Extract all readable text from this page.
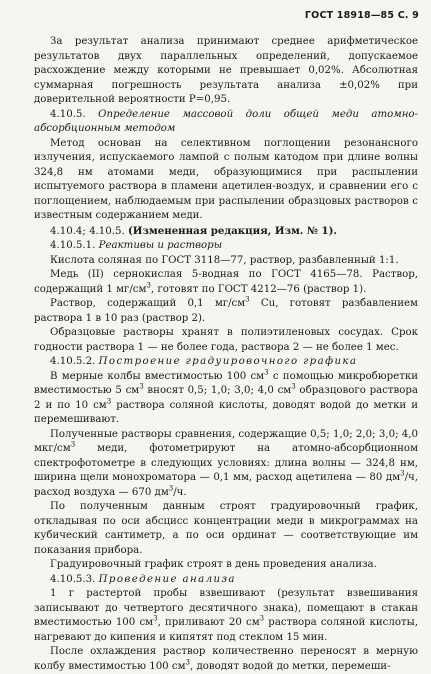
ГОСТ 18918—85 С. 9

За результат анализа принимают среднее арифметическое результатов двух параллельных определений, допускаемое расхождение между которыми не превышает 0,02%. Абсолютная суммарная погрешность результата анализа ±0,02% при доверительной вероятности P=0,95.

4.10.5. Определение массовой доли общей меди атомно-абсорбционным методом

Метод основан на селективном поглощении резонансного излучения, испускаемого лампой с полым катодом при длине волны 324,8 нм атомами меди, образующимися при распылении испытуемого раствора в пламени ацетилен-воздух, и сравнении его с поглощением, наблюдаемым при распылении образцовых растворов с известным содержанием меди.

4.10.4; 4.10.5. (Измененная редакция, Изм. № 1).

4.10.5.1. Реактивы и растворы

Кислота соляная по ГОСТ 3118—77, раствор, разбавленный 1:1.

Медь (II) сернокислая 5-водная по ГОСТ 4165—78. Раствор, содержащий 1 $мг/см^3$, готовят по ГОСТ 4212—76 (раствор 1).

Раствор, содержащий 0,1 $мг/см^3$ Cu, готовят разбавлением раствора 1 в 10 раз (раствор 2).

Образцовые растворы хранят в полиэтиленовых сосудах. Срок годности раствора 1 — не более года, раствора 2 — не более 1 мес.

4.10.5.2. Построение градуировочного графика

В мерные колбы вместимостью 100 $см^3$ с помощью микробюретки вместимостью 5 $см^3$ вносят 0,5; 1,0; 3,0; 4,0 $см^3$ образцового раствора 2 и по 10 $см^3$ раствора соляной кислоты, доводят водой до метки и перемешивают.

Полученные растворы сравнения, содержащие 0,5; 1,0; 2,0; 3,0; 4,0 мкг/$см^3$ меди, фотометрируют на атомно-абсорбционном спектрофотометре в следующих условиях: длина волны — 324,8 нм, ширина щели монохроматора — 0,1 мм, расход ацетилена — 80 $дм^3/ч$, расход воздуха — 670 $дм^3/ч$.

По полученным данным строят градуировочный график, откладывая по оси абсцисс концентрации меди в микрограммах на кубический сантиметр, а по оси ординат — соответствующие им показания прибора.

Градуировочный график строят в день проведения анализа.

4.10.5.3. Проведение анализа

1 г растертой пробы взвешивают (результат взвешивания записывают до четвертого десятичного знака), помещают в стакан вместимостью 100 $см^3$, приливают 20 $см^3$ раствора соляной кислоты, нагревают до кипения и кипятят под стеклом 15 мин.

После охлаждения раствор количественно переносят в мерную колбу вместимостью 100 $см^3$, доводят водой до метки, перемеши-
